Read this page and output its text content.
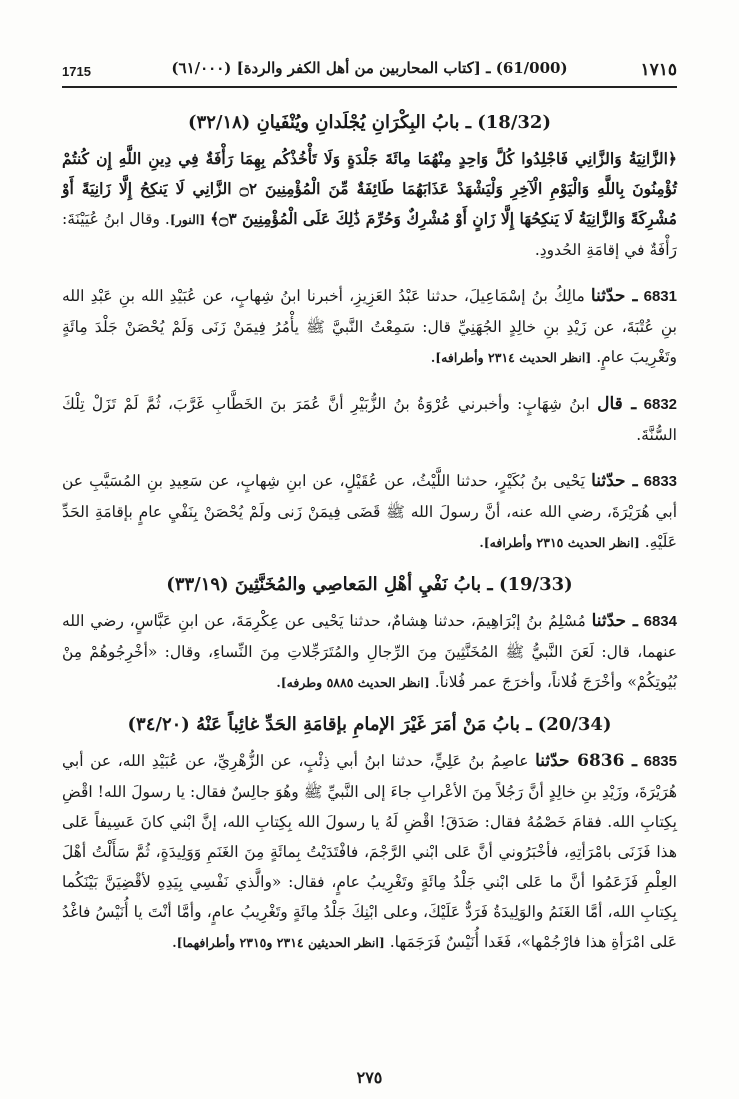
1715	(61/000) ـ [كتاب المحاربين من أهل الكفر والردة] (٦١/٠٠٠)	١٧١٥
(18/32) ـ بابُ البِكْرَانِ يُجْلَدانِ ويُنْفَيانِ (٣٢/١٨)

﴿الزَّانِيَةُ وَالزَّانِي فَاجْلِدُوا كُلَّ وَاحِدٍ مِنْهُمَا مِائَةَ جَلْدَةٍ وَلَا تَأْخُذْكُم بِهِمَا رَأْفَةٌ فِي دِينِ اللَّهِ إِن كُنتُمْ تُؤْمِنُونَ بِاللَّهِ وَالْيَوْمِ الْآخِرِ وَلْيَشْهَدْ عَذَابَهُمَا طَائِفَةٌ مِّنَ الْمُؤْمِنِينَ ۝٢ الزَّانِي لَا يَنكِحُ إِلَّا زَانِيَةً أَوْ مُشْرِكَةً وَالزَّانِيَةُ لَا يَنكِحُهَا إِلَّا زَانٍ أَوْ مُشْرِكٌ وَحُرِّمَ ذَٰلِكَ عَلَى الْمُؤْمِنِينَ ۝٣﴾ [النور]. وقال ابنُ عُيَيْنَةَ: رَأْفَةٌ في إقامَةِ الحُدودِ.

6831 ـ حدّثنا مالِكُ بنُ إسْمَاعِيلَ، حدثنا عَبْدُ العَزِيزِ، أخبرنا ابنُ شِهابٍ، عن عُبَيْدِ الله بنِ عَبْدِ الله بنِ عُتْبَةَ، عن زَيْدِ بنِ خالِدٍ الجُهَنِيِّ قال: سَمِعْتُ النَّبيَّ ﷺ يأْمُرُ فِيمَنْ زَنَى وَلَمْ يُحْصَنْ جَلْدَ مِائَةٍ وتَغْرِيبَ عامٍ. [انظر الحديث ٢٣١٤ وأطرافه].

6832 ـ قال ابنُ شِهَابٍ: وأخبرني عُرْوَةُ بنُ الزُّبَيْرِ أنَّ عُمَرَ بنَ الخَطَّابِ غَرَّبَ، ثُمَّ لَمْ تَزَلْ تِلْكَ السُّنَّةَ.

6833 ـ حدّثنا يَحْيى بنُ بُكَيْرٍ، حدثنا اللَّيْثُ، عن عُقَيْلٍ، عن ابنِ شِهابٍ، عن سَعِيدِ بنِ المُسَيَّبِ عن أبي هُرَيْرَةَ، رضي الله عنه، أنَّ رسولَ الله ﷺ قَضَى فِيمَنْ زَنى ولَمْ يُحْصَنْ بِنَفْيِ عامٍ بإقامَةِ الحَدِّ عَلَيْهِ. [انظر الحديث ٢٣١٥ وأطرافه].

(19/33) ـ بابُ نَفْيِ أهْلِ المَعاصِي والمُخَنَّثِينَ (٣٣/١٩)

6834 ـ حدّثنا مُسْلِمُ بنُ إبْرَاهِيمَ، حدثنا هِشامٌ، حدثنا يَحْيى عن عِكْرِمَةَ، عن ابنِ عَبَّاسٍ، رضي الله عنهما، قال: لَعَنَ النَّبيُّ ﷺ المُخَنَّثِينَ مِنَ الرِّجالِ والمُتَرَجِّلاتِ مِنَ النِّساءِ، وقال: «أخْرِجُوهُمْ مِنْ بُيُوتِكُمْ» وأخْرَجَ فُلاناً، وأخرَجَ عمر فُلاناً. [انظر الحديث ٥٨٨٥ وطرفه].

(20/34) ـ بابُ مَنْ أمَرَ غَيْرَ الإمامِ بإقامَةِ الحَدِّ غائِباً عَنْهُ (٣٤/٢٠)

6835 ـ 6836 حدّثنا عاصِمُ بنُ عَلِيٍّ، حدثنا ابنُ أبي ذِئْبٍ، عن الزُّهْرِيِّ، عن عُبَيْدِ الله، عن أبي هُرَيْرَةَ، وزَيْدِ بنِ خالِدٍ أنَّ رَجُلاً مِنَ الأعْرابِ جاءَ إلى النَّبيِّ ﷺ وهُوَ جالِسٌ فقال: يا رسولَ الله! اقْضِ بِكِتابِ الله. فقامَ خَصْمُهُ فقال: صَدَقَ! اقْضِ لَهُ يا رسولَ الله بِكِتابِ الله، إنَّ ابْني كانَ عَسِيفاً عَلى هذا فَزَنَى بامْرَأتِهِ، فأخْبَرُوني أنَّ عَلى ابْني الرَّجْمَ، فافْتَدَيْتُ بِمائَةٍ مِنَ الغَنَمِ وَوَلِيدَةٍ، ثُمَّ سَأَلْتُ أهْلَ العِلْمِ فَزَعَمُوا أنَّ ما عَلى ابْني جَلْدُ مِائَةٍ وتَغْرِيبُ عامٍ، فقال: «والَّذي نَفْسِي بِيَدِهِ لأقْضِيَنَّ بَيْنَكُما بِكِتابِ الله، أمَّا الغَنَمُ والوَلِيدَةُ فَرَدٌّ عَلَيْكَ، وعلى ابْنِكَ جَلْدُ مِائَةٍ وتَغْرِيبُ عامٍ، وأمَّا أنْتَ يا أُنَيْسُ فاغْدُ عَلى امْرَأةِ هذا فارْجُمْها»، فَغَدا أُنَيْسٌ فَرَجَمَها. [انظر الحديثين ٢٣١٤ و٢٣١٥ وأطرافهما].

٢٧٥
